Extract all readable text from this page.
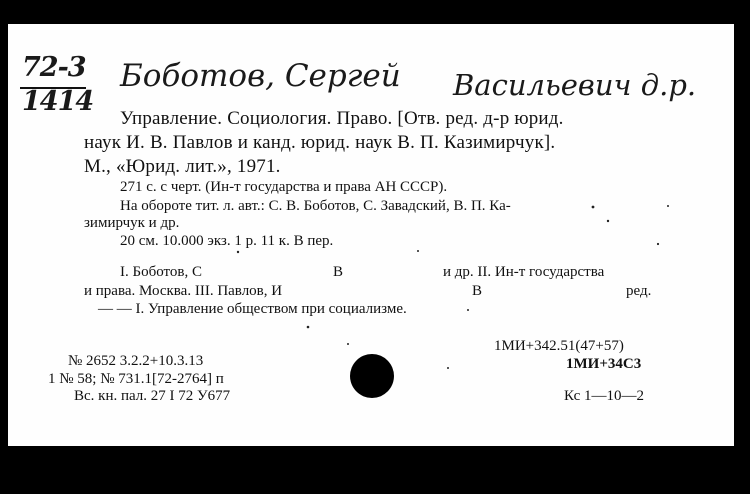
72-3
1414
Боботов, Сергей Васильевич д.р.
Управление. Социология. Право. [Отв. ред. д-р юрид.
наук И. В. Павлов и канд. юрид. наук В. П. Казимирчук].
М., «Юрид. лит.», 1971.
271 с. с черт. (Ин-т государства и права АН СССР).
На обороте тит. л. авт.: С. В. Боботов, С. Завадский, В. П. Ка-
зимирчук и др.
20 см. 10.000 экз. 1 р. 11 к. В пер.
I. Боботов, С	В	и др. II. Ин-т государства
и права. Москва. III. Павлов, И	В	ред.
— — I. Управление обществом при социализме.
1МИ+342.51(47+57)
1МИ+34С3
Кс 1—10—2
№ 2652 3.2.2+10.3.13
1 № 58; № 731.1[72-2764] п
Вс. кн. пал. 27 I 72 У677
